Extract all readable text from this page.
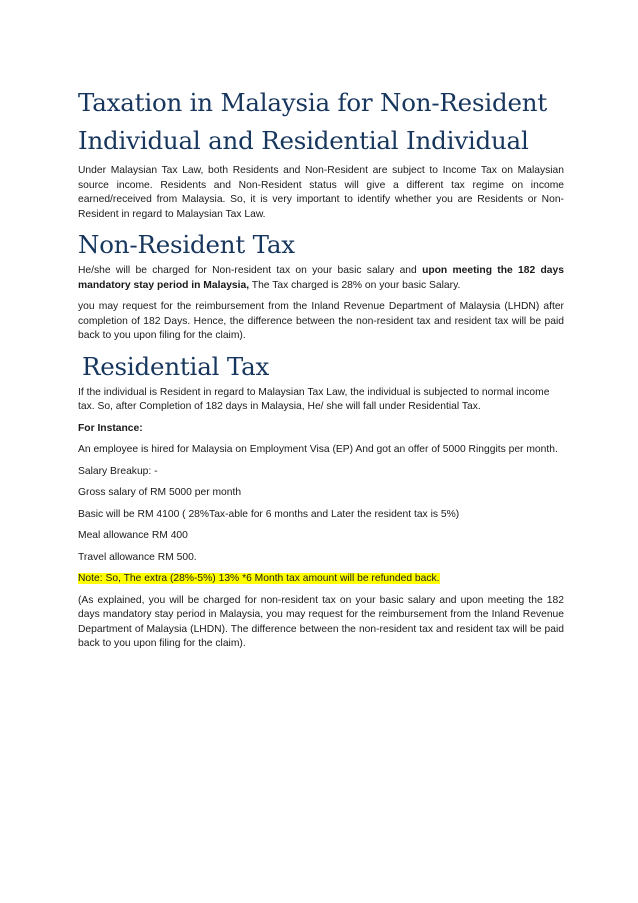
Taxation in Malaysia for Non-Resident Individual and Residential Individual

Under Malaysian Tax Law, both Residents and Non-Resident are subject to Income Tax on Malaysian source income. Residents and Non-Resident status will give a different tax regime on income earned/received from Malaysia. So, it is very important to identify whether you are Residents or Non-Resident in regard to Malaysian Tax Law.

Non-Resident Tax

He/she will be charged for Non-resident tax on your basic salary and upon meeting the 182 days mandatory stay period in Malaysia, The Tax charged is 28% on your basic Salary.

you may request for the reimbursement from the Inland Revenue Department of Malaysia (LHDN) after completion of 182 Days. Hence, the difference between the non-resident tax and resident tax will be paid back to you upon filing for the claim).

Residential Tax

If the individual is Resident in regard to Malaysian Tax Law, the individual is subjected to normal income tax. So, after Completion of 182 days in Malaysia, He/ she will fall under Residential Tax.

For Instance:

An employee is hired for Malaysia on Employment Visa (EP) And got an offer of 5000 Ringgits per month.

Salary Breakup: -

Gross salary of RM 5000 per month

Basic will be RM 4100 ( 28%Tax-able for 6 months and Later the resident tax is 5%)

Meal allowance RM 400

Travel allowance RM 500.

Note: So, The extra (28%-5%) 13% *6 Month tax amount will be refunded back.

(As explained, you will be charged for non-resident tax on your basic salary and upon meeting the 182 days mandatory stay period in Malaysia, you may request for the reimbursement from the Inland Revenue Department of Malaysia (LHDN). The difference between the non-resident tax and resident tax will be paid back to you upon filing for the claim).
